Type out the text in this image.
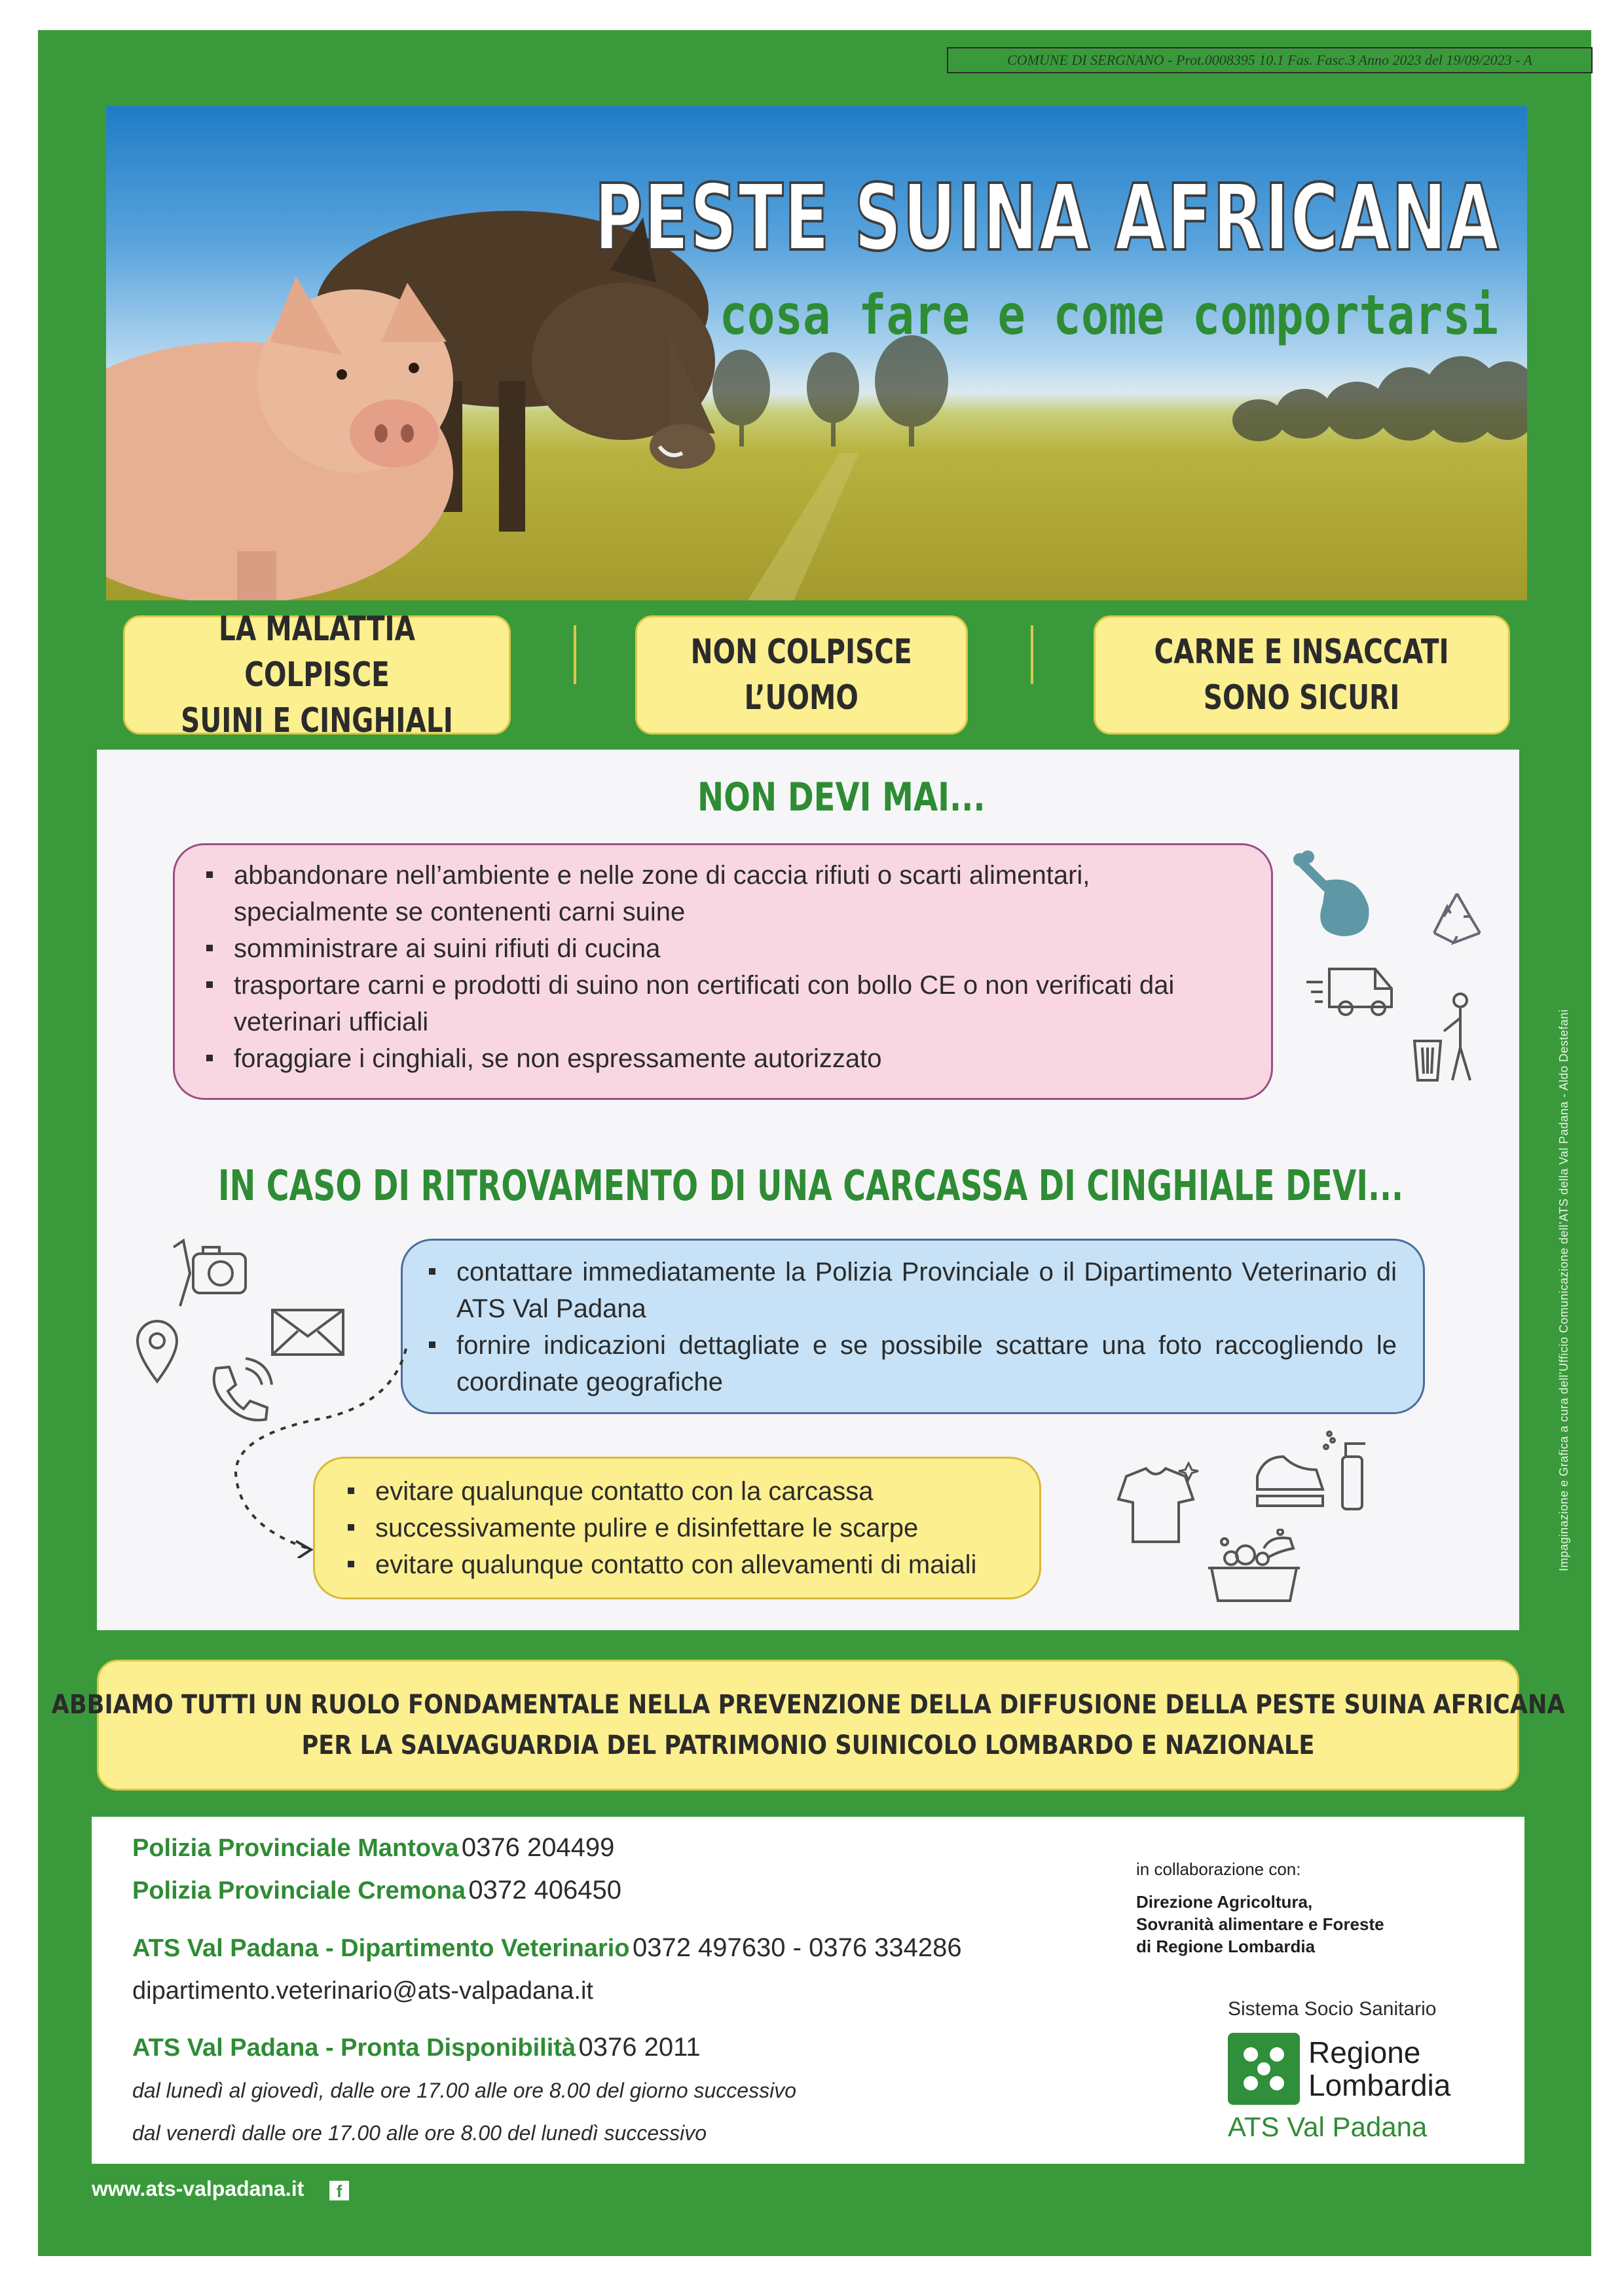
COMUNE DI SERGNANO - Prot.0008395 10.1 Fas. Fasc.3 Anno 2023 del 19/09/2023 - A
PESTE SUINA AFRICANA
cosa fare e come comportarsi
LA MALATTIA COLPISCE
SUINI E CINGHIALI
NON COLPISCE
L’UOMO
CARNE E INSACCATI
SONO SICURI
NON DEVI MAI...
abbandonare nell’ambiente e nelle zone di caccia rifiuti o scarti alimentari, specialmente se contenenti carni suine
somministrare ai suini rifiuti di cucina
trasportare carni e prodotti di suino non certificati con bollo CE o non verificati dai veterinari ufficiali
foraggiare i cinghiali, se non espressamente autorizzato
IN CASO DI RITROVAMENTO DI UNA CARCASSA DI CINGHIALE DEVI...
contattare immediatamente la Polizia Provinciale o il Dipartimento Veterinario di ATS Val Padana
fornire indicazioni dettagliate e se possibile scattare una foto raccogliendo le coordinate geografiche
evitare qualunque contatto con la carcassa
successivamente pulire e disinfettare le scarpe
evitare qualunque contatto con allevamenti di maiali
ABBIAMO TUTTI UN RUOLO FONDAMENTALE NELLA PREVENZIONE DELLA DIFFUSIONE DELLA PESTE SUINA AFRICANA
PER LA SALVAGUARDIA DEL PATRIMONIO SUINICOLO LOMBARDO E NAZIONALE
Polizia Provinciale Mantova 0376 204499
Polizia Provinciale Cremona 0372 406450
ATS Val Padana - Dipartimento Veterinario 0372 497630 - 0376 334286
dipartimento.veterinario@ats-valpadana.it
ATS Val Padana - Pronta Disponibilità 0376 2011
dal lunedì al giovedì, dalle ore 17.00 alle ore 8.00 del giorno successivo
dal venerdì dalle ore 17.00 alle ore 8.00 del lunedì successivo
in collaborazione con:
Direzione Agricoltura,
Sovranità alimentare e Foreste
di Regione Lombardia
Sistema Socio Sanitario
Regione
Lombardia
ATS Val Padana
www.ats-valpadana.it f
Impaginazione e Grafica a cura dell’Ufficio Comunicazione dell’ATS della Val Padana - Aldo Destefani
